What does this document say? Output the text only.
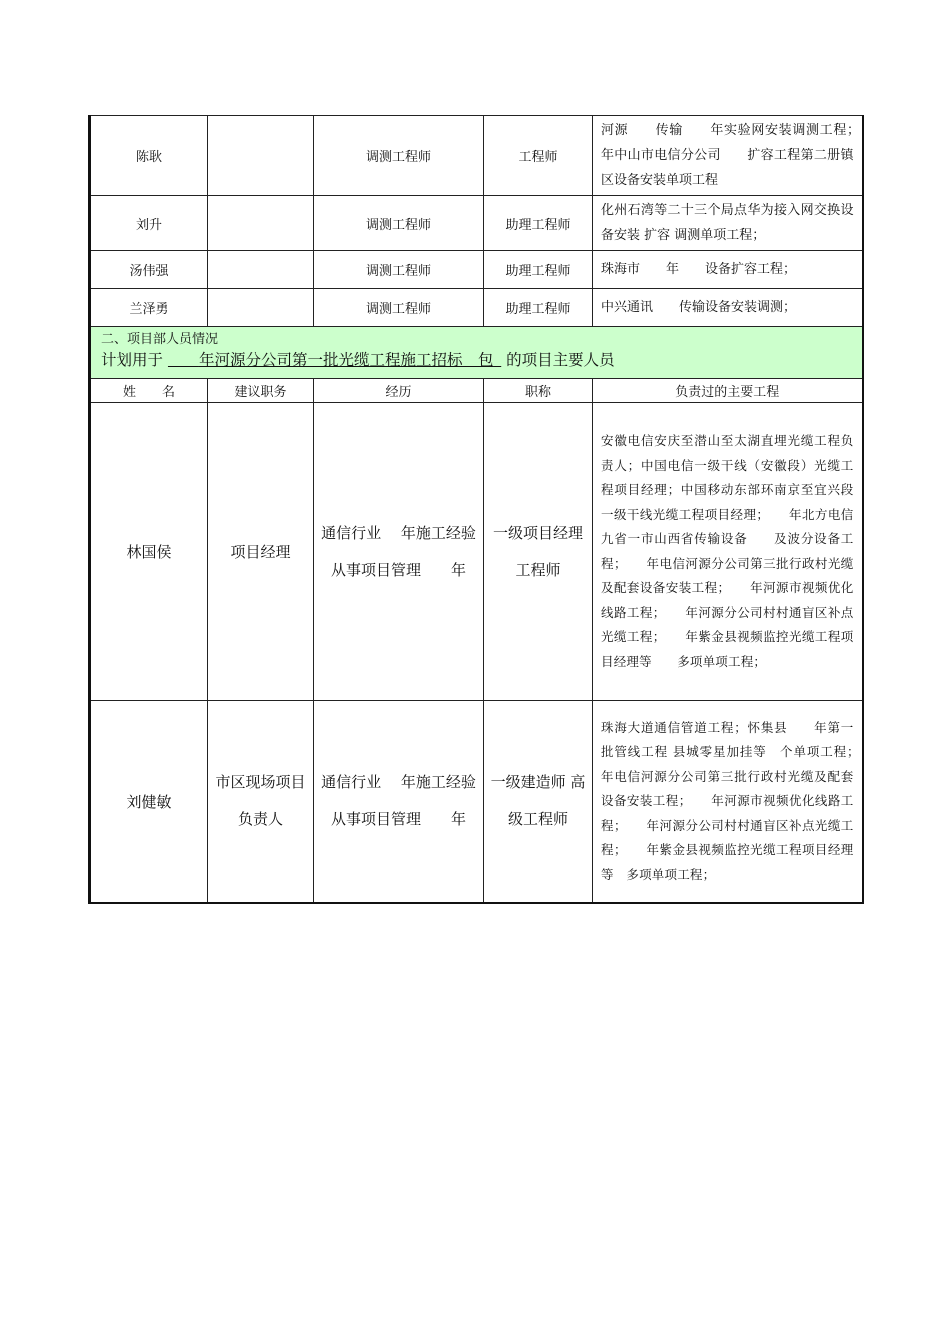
陈耿		调测工程师	工程师	河源　　传输　　年实验网安装调测工程；　　年中山市电信分公司　　扩容工程第二册镇区设备安装单项工程
刘升		调测工程师	助理工程师	化州石湾等二十三个局点华为接入网交换设备安装 扩容 调测单项工程；
汤伟强		调测工程师	助理工程师	珠海市　　年　　设备扩容工程；
兰泽勇		调测工程师	助理工程师	中兴通讯　　传输设备安装调测；

二、项目部人员情况
计划用于    年河源分公司第一批光缆工程施工招标　包  的项目主要人员				

姓　　名	建议职务	经历	职称	负责过的主要工程
林国侯	项目经理	通信行业　 年施工经验 从事项目管理　　年	一级项目经理 工程师	安徽电信安庆至潜山至太湖直埋光缆工程负责人；中国电信一级干线（安徽段）光缆工程项目经理；中国移动东部环南京至宜兴段一级干线光缆工程项目经理；　　年北方电信九省一市山西省传输设备　　及波分设备工程；　　年电信河源分公司第三批行政村光缆及配套设备安装工程；　　年河源市视频优化线路工程；　　年河源分公司村村通盲区补点光缆工程；　　年紫金县视频监控光缆工程项目经理等　　多项单项工程；
刘健敏	市区现场项目负责人	通信行业　 年施工经验 从事项目管理　　年	一级建造师 高级工程师	珠海大道通信管道工程；怀集县　　年第一批管线工程 县城零星加挂等　个单项工程；　　年电信河源分公司第三批行政村光缆及配套设备安装工程；　　年河源市视频优化线路工程；　　年河源分公司村村通盲区补点光缆工程；　　年紫金县视频监控光缆工程项目经理等　多项单项工程；
